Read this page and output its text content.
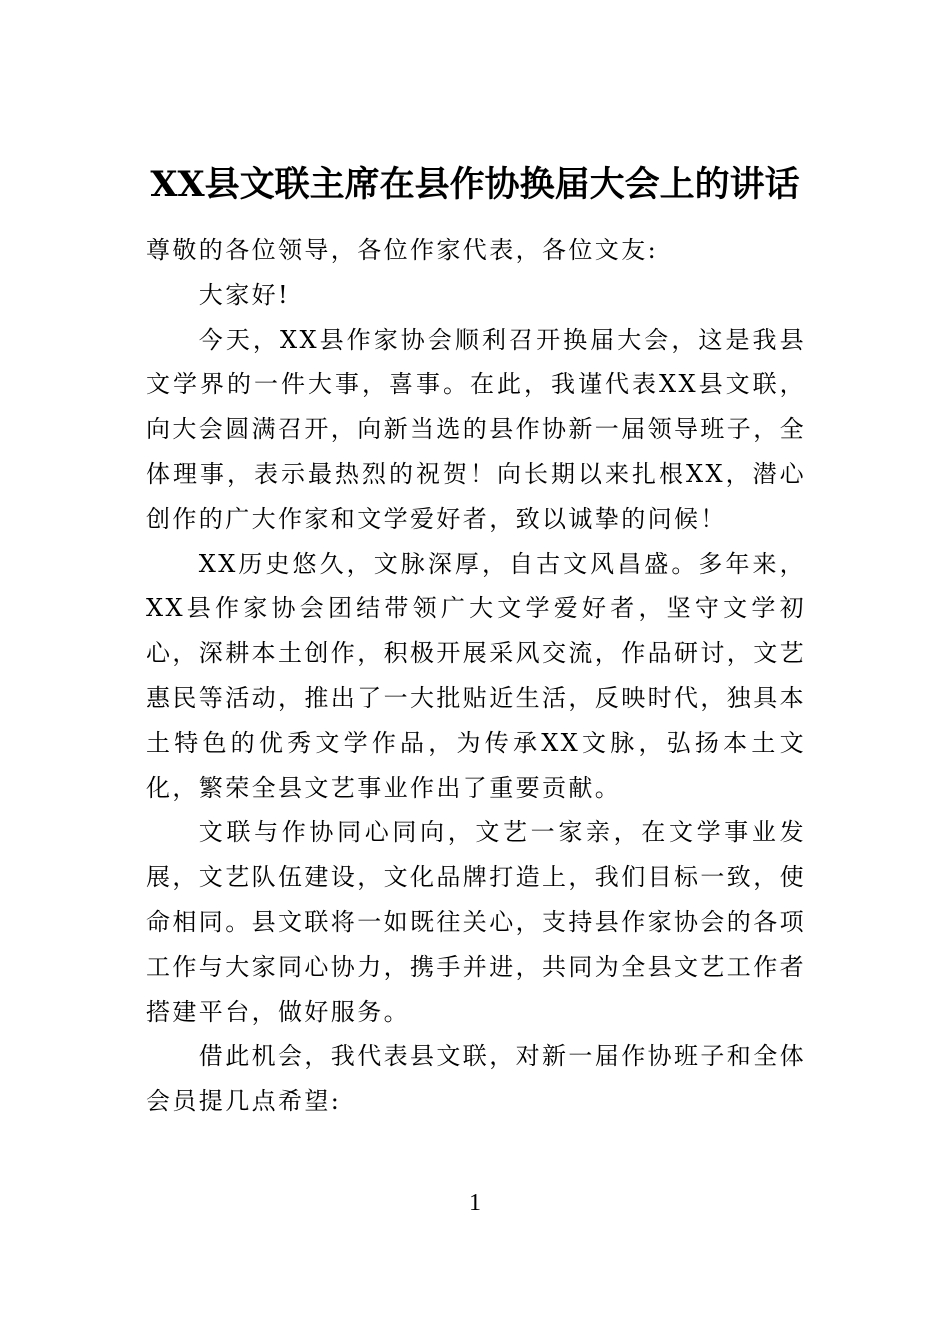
XX县文联主席在县作协换届大会上的讲话

尊敬的各位领导，各位作家代表，各位文友:

大家好!

今天，XX县作家协会顺利召开换届大会，这是我县文学界的一件大事，喜事。在此，我谨代表XX县文联，向大会圆满召开，向新当选的县作协新一届领导班子，全体理事，表示最热烈的祝贺！向长期以来扎根XX，潜心创作的广大作家和文学爱好者，致以诚挚的问候！

XX历史悠久，文脉深厚，自古文风昌盛。多年来，XX县作家协会团结带领广大文学爱好者，坚守文学初心，深耕本土创作，积极开展采风交流，作品研讨，文艺惠民等活动，推出了一大批贴近生活，反映时代，独具本土特色的优秀文学作品，为传承XX文脉，弘扬本土文化，繁荣全县文艺事业作出了重要贡献。

文联与作协同心同向，文艺一家亲，在文学事业发展，文艺队伍建设，文化品牌打造上，我们目标一致，使命相同。县文联将一如既往关心，支持县作家协会的各项工作与大家同心协力，携手并进，共同为全县文艺工作者搭建平台，做好服务。

借此机会，我代表县文联，对新一届作协班子和全体会员提几点希望:

1
